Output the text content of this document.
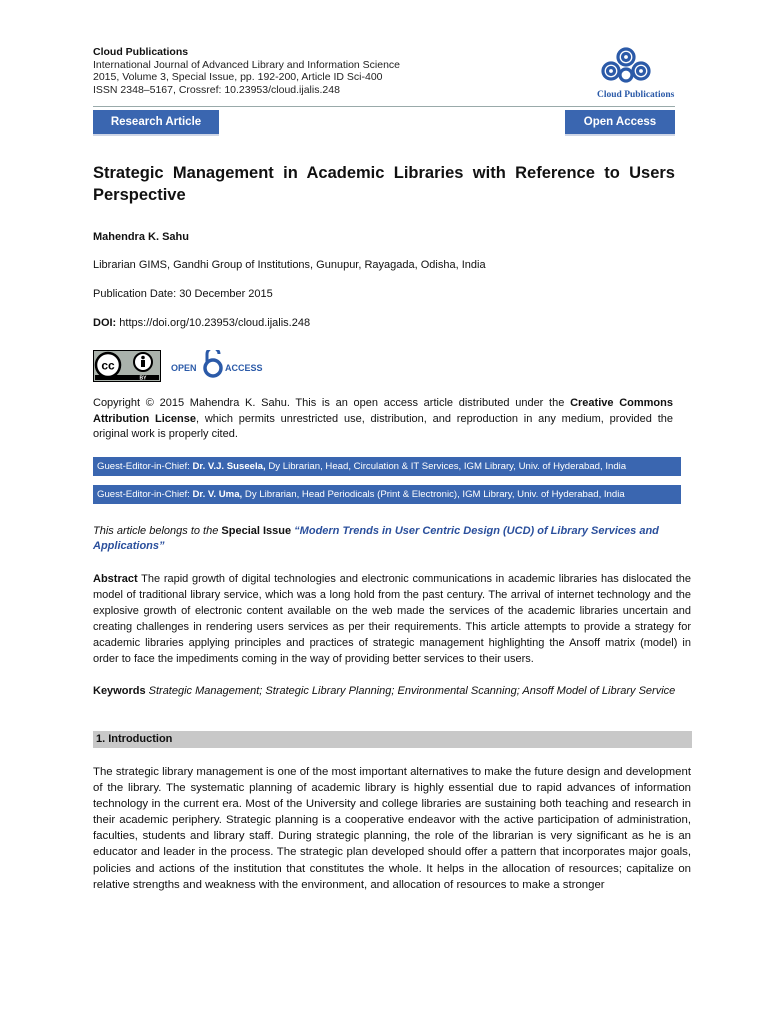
Cloud Publications
International Journal of Advanced Library and Information Science
2015, Volume 3, Special Issue, pp. 192-200, Article ID Sci-400
ISSN 2348–5167, Crossref: 10.23953/cloud.ijalis.248	Cloud Publications
Research Article	Open Access
Strategic Management in Academic Libraries with Reference to Users Perspective
Mahendra K. Sahu
Librarian GIMS, Gandhi Group of Institutions, Gunupur, Rayagada, Odisha, India
Publication Date: 30 December 2015
DOI: https://doi.org/10.23953/cloud.ijalis.248
cc
BY
OPEN	ACCESS
Copyright © 2015 Mahendra K. Sahu. This is an open access article distributed under the Creative Commons Attribution License, which permits unrestricted use, distribution, and reproduction in any medium, provided the original work is properly cited.
Guest-Editor-in-Chief: Dr. V.J. Suseela, Dy Librarian, Head, Circulation & IT Services, IGM Library, Univ. of Hyderabad, India
Guest-Editor-in-Chief: Dr. V. Uma, Dy Librarian, Head Periodicals (Print & Electronic), IGM Library, Univ. of Hyderabad, India
This article belongs to the Special Issue “Modern Trends in User Centric Design (UCD) of Library Services and Applications”
Abstract The rapid growth of digital technologies and electronic communications in academic libraries has dislocated the model of traditional library service, which was a long hold from the past century. The arrival of internet technology and the explosive growth of electronic content available on the web made the services of the academic libraries uncertain and creating challenges in rendering users services as per their requirements. This article attempts to provide a strategy for academic libraries applying principles and practices of strategic management highlighting the Ansoff matrix (model) in order to face the impediments coming in the way of providing better services to their users.
Keywords Strategic Management; Strategic Library Planning; Environmental Scanning; Ansoff Model of Library Service
1. Introduction
The strategic library management is one of the most important alternatives to make the future design and development of the library. The systematic planning of academic library is highly essential due to rapid advances of information technology in the current era. Most of the University and college libraries are sustaining both teaching and research in their academic periphery. Strategic planning is a cooperative endeavor with the active participation of administration, faculties, students and library staff. During strategic planning, the role of the librarian is very significant as he is an educator and leader in the process. The strategic plan developed should offer a pattern that incorporates major goals, policies and actions of the institution that constitutes the whole. It helps in the allocation of resources; capitalize on relative strengths and weakness with the environment, and allocation of resources to make a stronger
